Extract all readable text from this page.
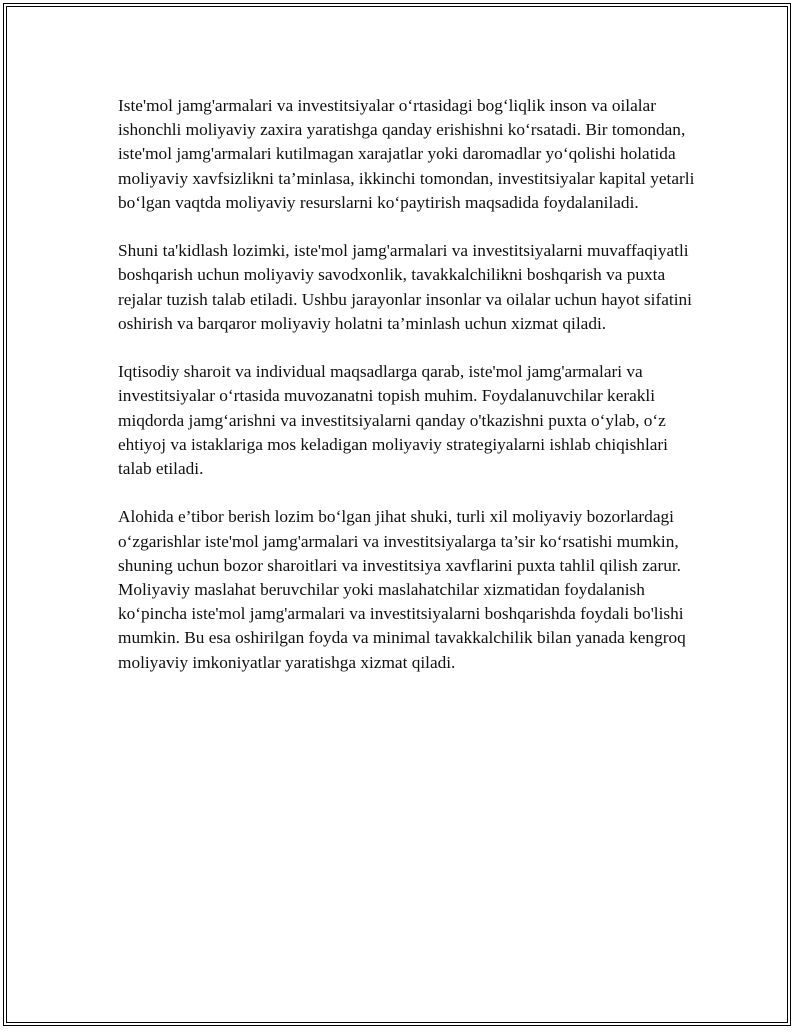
Iste'mol jamg'armalari va investitsiyalar o‘rtasidagi bog‘liqlik inson va oilalar ishonchli moliyaviy zaxira yaratishga qanday erishishni ko‘rsatadi. Bir tomondan, iste'mol jamg'armalari kutilmagan xarajatlar yoki daromadlar yo‘qolishi holatida moliyaviy xavfsizlikni ta’minlasa, ikkinchi tomondan, investitsiyalar kapital yetarli bo‘lgan vaqtda moliyaviy resurslarni ko‘paytirish maqsadida foydalaniladi.

Shuni ta'kidlash lozimki, iste'mol jamg'armalari va investitsiyalarni muvaffaqiyatli boshqarish uchun moliyaviy savodxonlik, tavakkalchilikni boshqarish va puxta rejalar tuzish talab etiladi. Ushbu jarayonlar insonlar va oilalar uchun hayot sifatini oshirish va barqaror moliyaviy holatni ta’minlash uchun xizmat qiladi.

Iqtisodiy sharoit va individual maqsadlarga qarab, iste'mol jamg'armalari va investitsiyalar o‘rtasida muvozanatni topish muhim. Foydalanuvchilar kerakli miqdorda jamg‘arishni va investitsiyalarni qanday o'tkazishni puxta o‘ylab, o‘z ehtiyoj va istaklariga mos keladigan moliyaviy strategiyalarni ishlab chiqishlari talab etiladi.

Alohida e’tibor berish lozim bo‘lgan jihat shuki, turli xil moliyaviy bozorlardagi o‘zgarishlar iste'mol jamg'armalari va investitsiyalarga ta’sir ko‘rsatishi mumkin, shuning uchun bozor sharoitlari va investitsiya xavflarini puxta tahlil qilish zarur. Moliyaviy maslahat beruvchilar yoki maslahatchilar xizmatidan foydalanish ko‘pincha iste'mol jamg'armalari va investitsiyalarni boshqarishda foydali bo'lishi mumkin. Bu esa oshirilgan foyda va minimal tavakkalchilik bilan yanada kengroq moliyaviy imkoniyatlar yaratishga xizmat qiladi.
